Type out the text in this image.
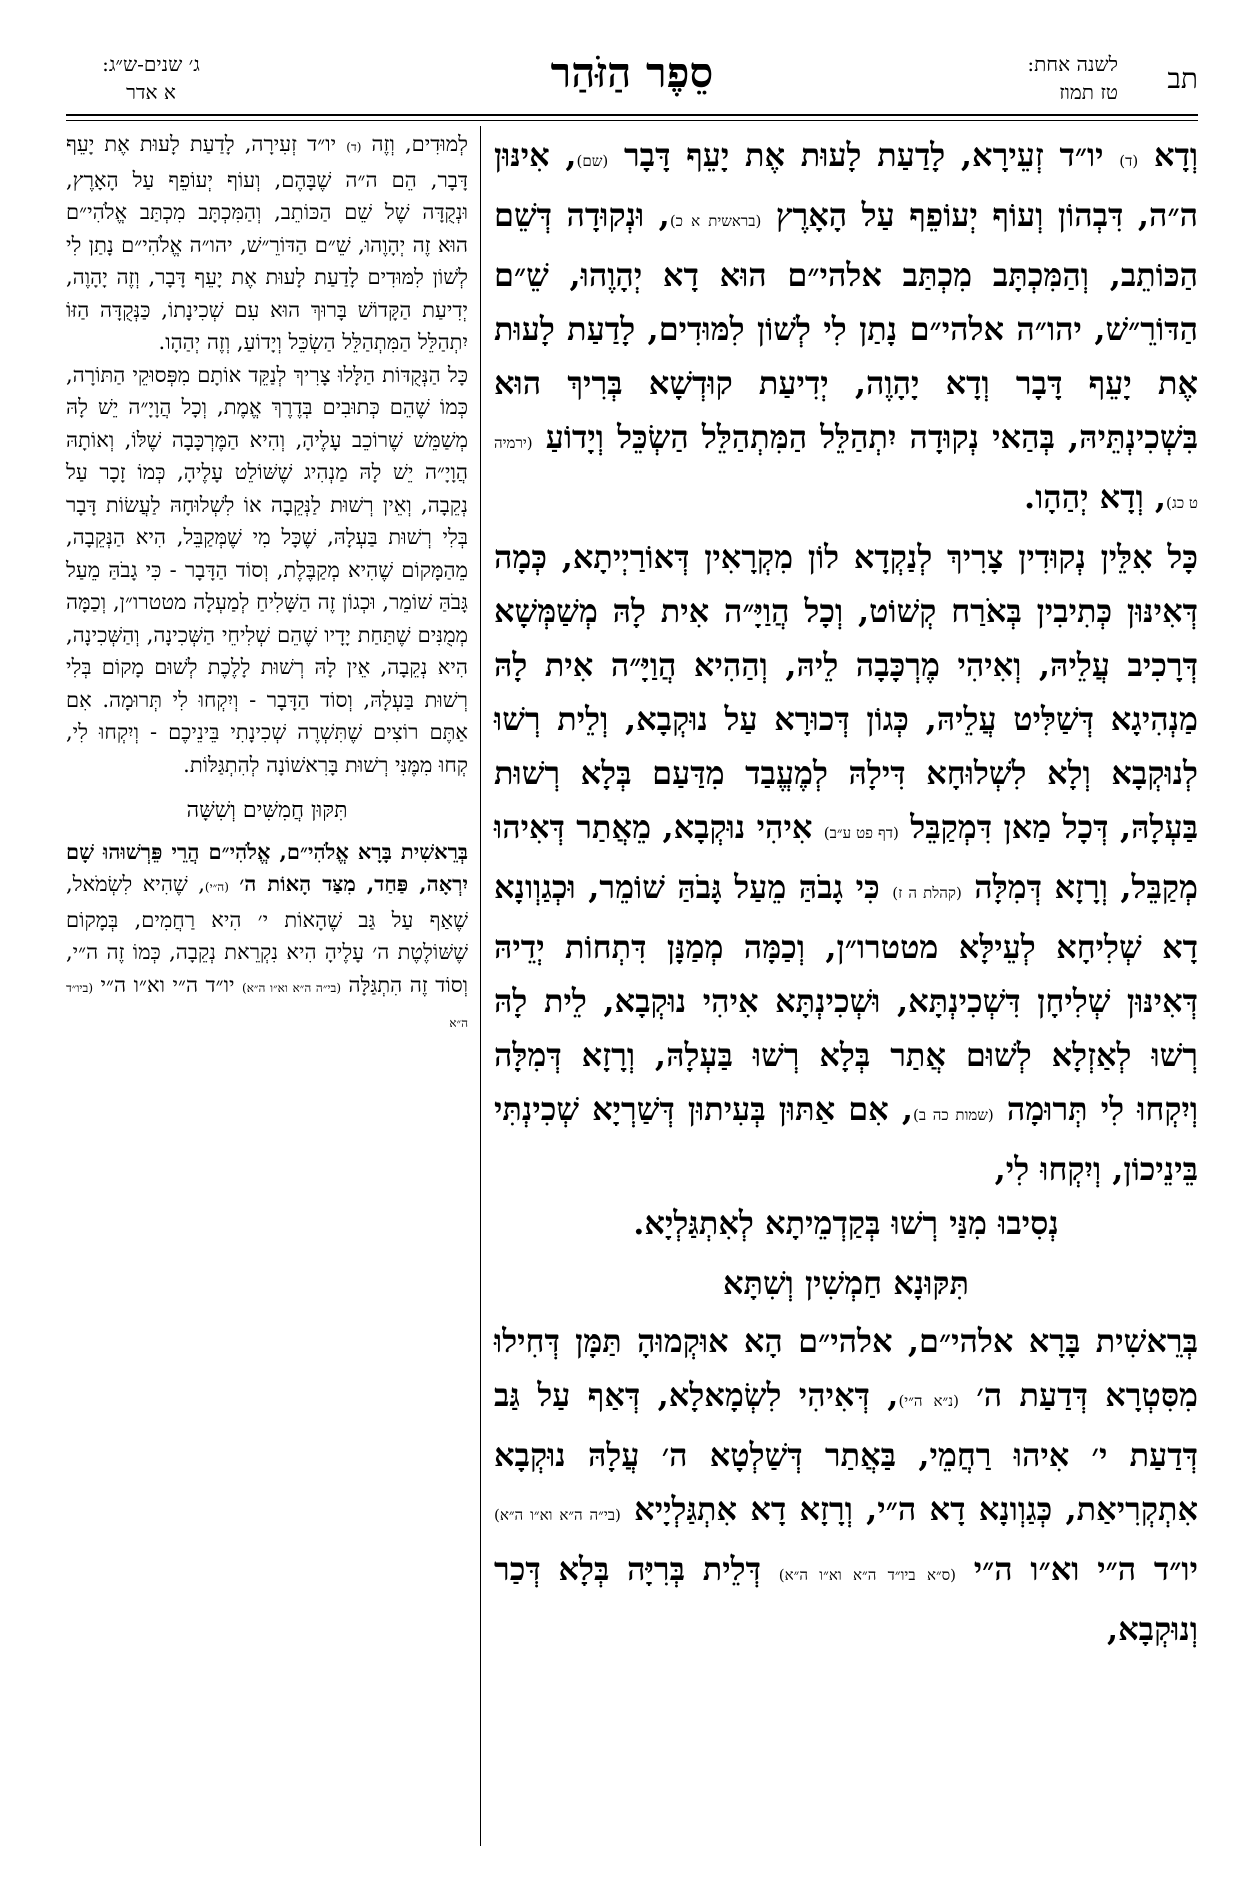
תב
לשנה אחת:
טז תמוז
סֵפֶר הַזֹּהַר
ג׳ שנים-ש״ג:
א אדר

וְדָא (ד) יו״ד זְעֵירָא, לָדַעַת לָעוּת אֶת יָעֵף דָּבָר (שם), אִינּוּן ה״ה, דִּבְהוֹן וְעוֹף יְעוֹפֵף עַל הָאָרֶץ (בראשית א כ), וּנְקוּדָה דְּשֵׁם הַכּוֹתֵב, וְהַמִּכְתָּב מִכְתַּב אלהי״ם הוּא דָא יְהָוֶהוּ, שֵׁ״ם הַדּוֹרֵ״שׁ, יהו״ה אלהי״ם נָתַן לִי לְשׁוֹן לִמּוּדִים, לָדַעַת לָעוּת אֶת יָעֵף דָּבָר וְדָא יָהָוֶה, יְדִיעַת קוּדְשָׁא בְּרִיךְ הוּא בִּשְׁכִינְתֵּיהּ, בְּהַאי נְקוּדָה יִתְהַלֵּל הַמִּתְהַלֵּל הַשְׂכֵּל וְיָדוֹעַ (ירמיה ט כג), וְדָא יְהַהָו.

כָּל אִלֵּין נְקוּדִין צָרִיךְ לְנַקְדָא לוֹן מִקְרָאִין דְּאוֹרַיְיתָא, כְּמָה דְּאִינּוּן כְּתִיבִין בְּאֹרַח קְשׁוֹט, וְכָל הֲוַיָּ״ה אִית לָהּ מְשַׁמְּשָׁא דְּרָכִיב עֲלֵיהּ, וְאִיהִי מֶרְכָּבָה לֵיהּ, וְהַהִיא הֲוַיָּ״ה אִית לָהּ מַנְהִיגָא דְּשַׁלִּיט עֲלֵיהּ, כְּגוֹן דְּכוּרָא עַל נוּקְבָא, וְלֵית רְשׁוּ לְנוּקְבָא וְלָא לִשְׁלוּחָא דִּילָהּ לְמֶעֱבַד מִדַּעַם בְּלָא רְשׁוּת בַּעְלָהּ, דְּכָל מַאן דִּמְקַבֵּל (דף פט ע״ב) אִיהִי נוּקְבָא, מֵאֲתַר דְּאִיהוּ מְקַבֵּל, וְרָזָא דְּמִלָּה (קהלת ה ז) כִּי גָבֹהַּ מֵעַל גָּבֹהַּ שׁוֹמֵר, וּכְגַוְונָא דָא שְׁלִיחָא לְעֵילָּא מטטרו״ן, וְכַמָּה מְמַנָּן דִּתְחוֹת יְדֵיהּ דְּאִינּוּן שְׁלִיחָן דִּשְׁכִינְתָּא, וּשְׁכִינְתָּא אִיהִי נוּקְבָא, לֵית לָהּ רְשׁוּ לְאַזְלָא לְשׁוּם אֲתַר בְּלָא רְשׁוּ בַּעְלָהּ, וְרָזָא דְּמִלָּה וְיִקְחוּ לִי תְּרוּמָה (שמות כה ב), אִם אַתּוּן בְּעִיתוּן דְּשַׁרְיָא שְׁכִינְתִּי בֵּינֵיכוֹן, וְיִקְחוּ לִי,

נְסִיבוּ מִנַּי רְשׁוּ בְּקַדְמֵיתָא לְאִתְגַּלְיָא.
תִּקּוּנָא חַמְשִׁין וְשִׁתָּא

בְּרֵאשִׁית בָּרָא אלהי״ם, אלהי״ם הָא אוּקְמוּהָ תַּמָּן דְּחִילוּ מִסִּטְרָא דְּדַעַת ה׳ (נ״א ה״י), דְּאִיהִי לִשְׂמָאלָא, דְּאַף עַל גַּב דְּדַעַת י׳ אִיהוּ רַחֲמֵי, בַּאֲתַר דְּשַׁלְטָא ה׳ עֲלָהּ נוּקְבָא אִתְקְרִיאַת, כְּגַוְונָא דָא ה״י, וְרָזָא דָא אִתְגַּלְיָיא (בי״ה ה״א וא״ו ה״א) יו״ד ה״י וא״ו ה״י (ס״א ביו״ד ה״א וא״ו ה״א) דְּלֵית בְּרִיָּה בְּלָא דְּכַר וְנוּקְבָא,

לְמוּדִים, וְזֶה (ד) יו״ד זְעִירָה, לָדַעַת לָעוּת אֶת יָעֵף דָּבָר, הֵם ה״ה שֶׁבָּהֶם, וְעוֹף יְעוֹפֵף עַל הָאָרֶץ, וּנְקֻדָּה שֶׁל שֵׁם הַכּוֹתֵב, וְהַמִּכְתָּב מִכְתַּב אֱלֹהִי״ם הוּא זֶה יְהָוֶהוּ, שֵׁ״ם הַדּוֹרֵ״שׁ, יהו״ה אֱלֹהִי״ם נָתַן לִי לְשׁוֹן לִמּוּדִים לָדַעַת לָעוּת אֶת יָעֵף דָּבָר, וְזֶה יָהָוֶה, יְדִיעַת הַקָּדוֹשׁ בָּרוּךְ הוּא עִם שְׁכִינָתוֹ, כַּנְּקֻדָּה הַזּוֹ יִתְהַלֵּל הַמִּתְהַלֵּל הַשְׂכֵּל וְיָדוֹעַ, וְזֶה יְהַהָו.

כָּל הַנְּקֻדּוֹת הַלָּלוּ צָרִיךְ לְנַקֵּד אוֹתָם מִפְּסוּקֵי הַתּוֹרָה, כְּמוֹ שֶׁהֵם כְּתוּבִים בְּדֶרֶךְ אֱמֶת, וְכָל הֲוָיָ״ה יֵשׁ לָהּ מְשַׁמֵּשׁ שֶׁרוֹכֵב עָלֶיהָ, וְהִיא הַמֶּרְכָּבָה שֶׁלּוֹ, וְאוֹתָהּ הֲוָיָ״ה יֵשׁ לָהּ מַנְהִיג שֶׁשּׁוֹלֵט עָלֶיהָ, כְּמוֹ זָכָר עַל נְקֵבָה, וְאֵין רְשׁוּת לַנְּקֵבָה אוֹ לִשְׁלוּחָהּ לַעֲשׂוֹת דָּבָר בְּלִי רְשׁוּת בַּעְלָהּ, שֶׁכָּל מִי שֶׁמְּקַבֵּל, הִיא הַנְּקֵבָה, מֵהַמָּקוֹם שֶׁהִיא מְקַבֶּלֶת, וְסוֹד הַדָּבָר - כִּי גָבֹהַּ מֵעַל גָּבֹהַּ שׁוֹמֵר, וּכְגוֹן זֶה הַשָּׁלִיחַ לְמַעְלָה מטטרו״ן, וְכַמָּה מְמֻנִּים שֶׁתַּחַת יָדָיו שֶׁהֵם שְׁלִיחֵי הַשְּׁכִינָה, וְהַשְּׁכִינָה, הִיא נְקֵבָה, אֵין לָהּ רְשׁוּת לָלֶכֶת לְשׁוּם מָקוֹם בְּלִי רְשׁוּת בַּעְלָהּ, וְסוֹד הַדָּבָר - וְיִקְחוּ לִי תְּרוּמָה. אִם אַתֶּם רוֹצִים שֶׁתִּשְׁרֶה שְׁכִינָתִי בֵּינֵיכֶם - וְיִקְחוּ לִי, קְחוּ מִמֶּנִּי רְשׁוּת בָּרִאשׁוֹנָה לְהִתְגַּלּוֹת.

תִּקּוּן חֲמִשִּׁים וְשִׁשָּׁה

בְּרֵאשִׁית בָּרָא אֱלֹהִי״ם, אֱלֹהִי״ם הֲרֵי פֵּרְשׁוּהוּ שָׁם יִרְאָה, פַּחַד, מִצַּד הָאוֹת ה׳ (ה״י), שֶׁהִיא לִשְׂמֹאל, שֶׁאַף עַל גַּב שֶׁהָאוֹת י׳ הִיא רַחֲמִים, בְּמָקוֹם שֶׁשּׁוֹלֶטֶת ה׳ עָלֶיהָ הִיא נִקְרֵאת נְקֵבָה, כְּמוֹ זֶה ה״י, וְסוֹד זֶה הִתְגַּלָּה (בי״ה ה״א וא״ו ה״א) יו״ד ה״י וא״ו ה״י (ביו״ד ה״א
